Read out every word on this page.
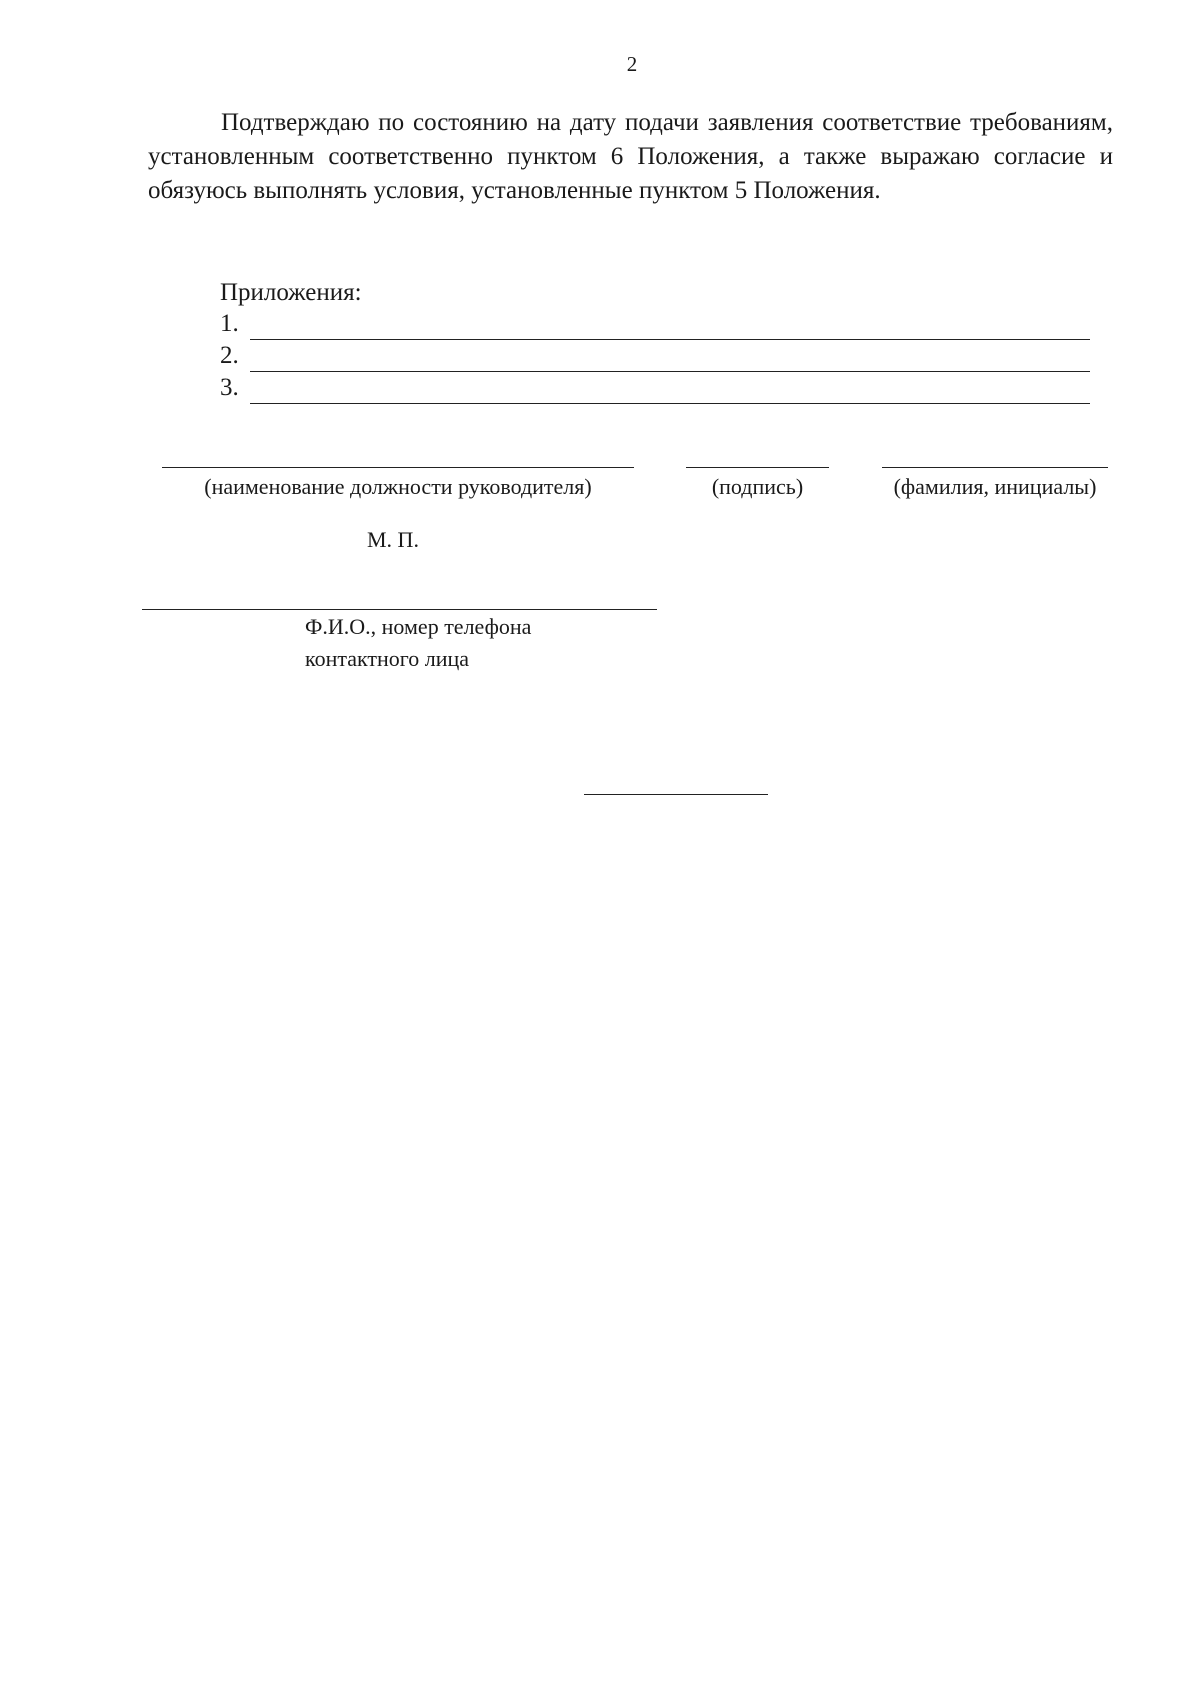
2
Подтверждаю по состоянию на дату подачи заявления соответствие требованиям, установленным соответственно пунктом 6 Положения, а также выражаю согласие и обязуюсь выполнять условия, установленные пунктом 5 Положения.
Приложения:
1.
2.
3.
(наименование должности руководителя)	(подпись)	(фамилия, инициалы)
М. П.
Ф.И.О., номер телефона
контактного лица
